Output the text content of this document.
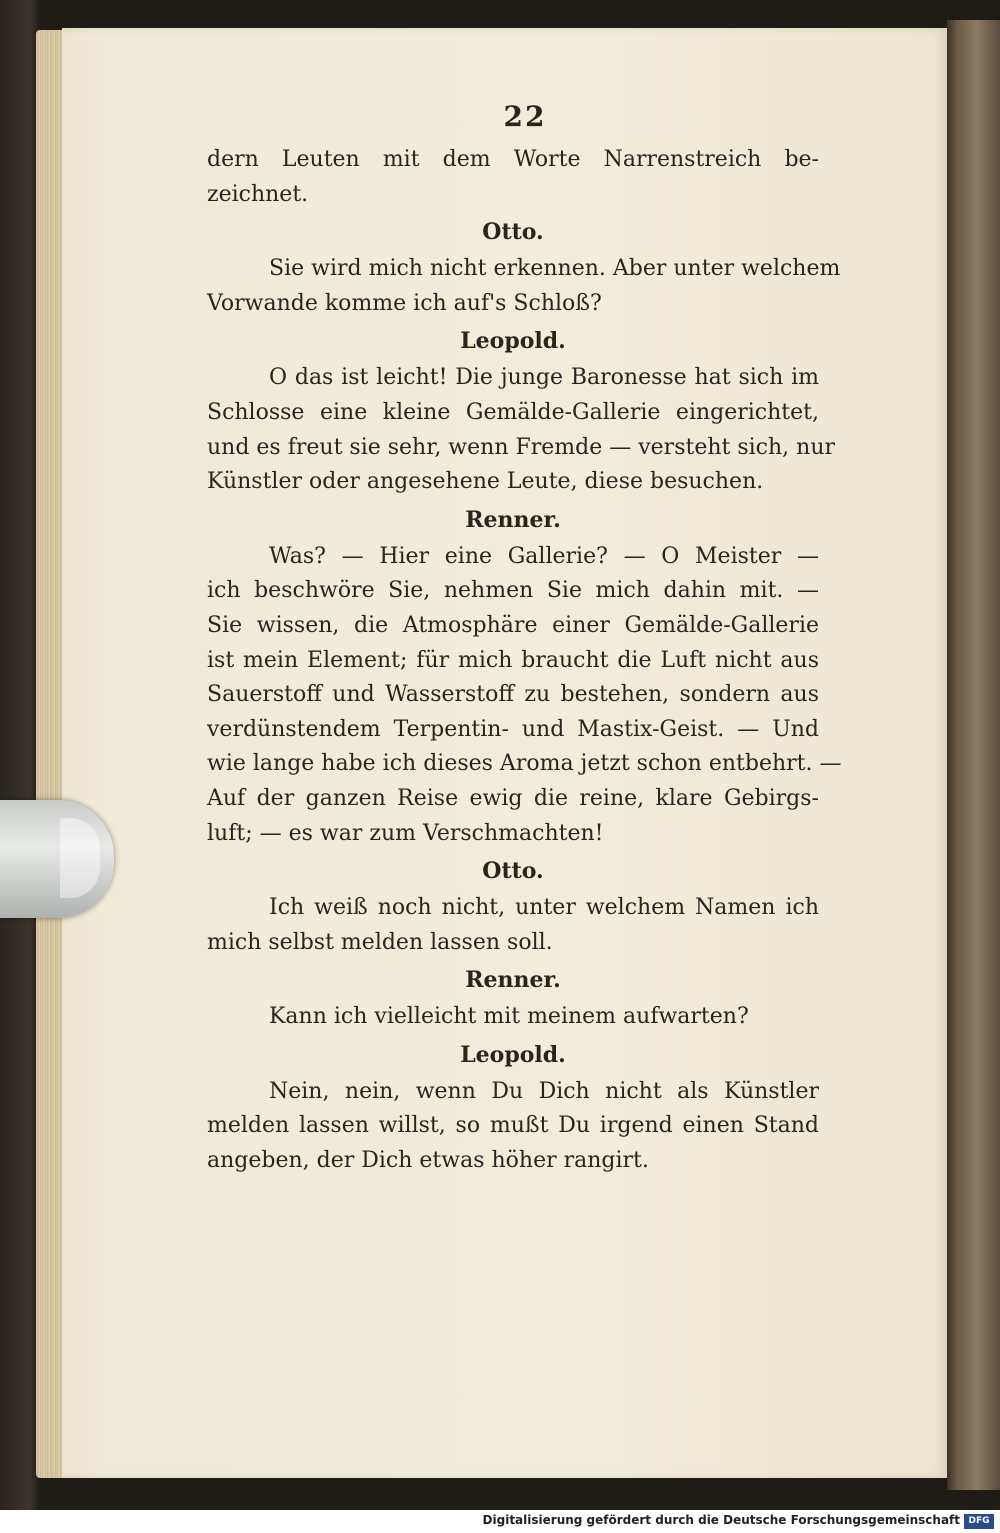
22
dern Leuten mit dem Worte Narrenstreich be-
zeichnet.
Otto.
Sie wird mich nicht erkennen. Aber unter welchem
Vorwande komme ich auf's Schloß?
Leopold.
O das ist leicht! Die junge Baronesse hat sich im
Schlosse eine kleine Gemälde-Gallerie eingerichtet,
und es freut sie sehr, wenn Fremde — versteht sich, nur
Künstler oder angesehene Leute, diese besuchen.
Renner.
Was? — Hier eine Gallerie? — O Meister —
ich beschwöre Sie, nehmen Sie mich dahin mit. —
Sie wissen, die Atmosphäre einer Gemälde-Gallerie
ist mein Element; für mich braucht die Luft nicht aus
Sauerstoff und Wasserstoff zu bestehen, sondern aus
verdünstendem Terpentin- und Mastix-Geist. — Und
wie lange habe ich dieses Aroma jetzt schon entbehrt. —
Auf der ganzen Reise ewig die reine, klare Gebirgs-
luft; — es war zum Verschmachten!
Otto.
Ich weiß noch nicht, unter welchem Namen ich
mich selbst melden lassen soll.
Renner.
Kann ich vielleicht mit meinem aufwarten?
Leopold.
Nein, nein, wenn Du Dich nicht als Künstler
melden lassen willst, so mußt Du irgend einen Stand
angeben, der Dich etwas höher rangirt.
Digitalisierung gefördert durch die Deutsche Forschungsgemeinschaft DFG
